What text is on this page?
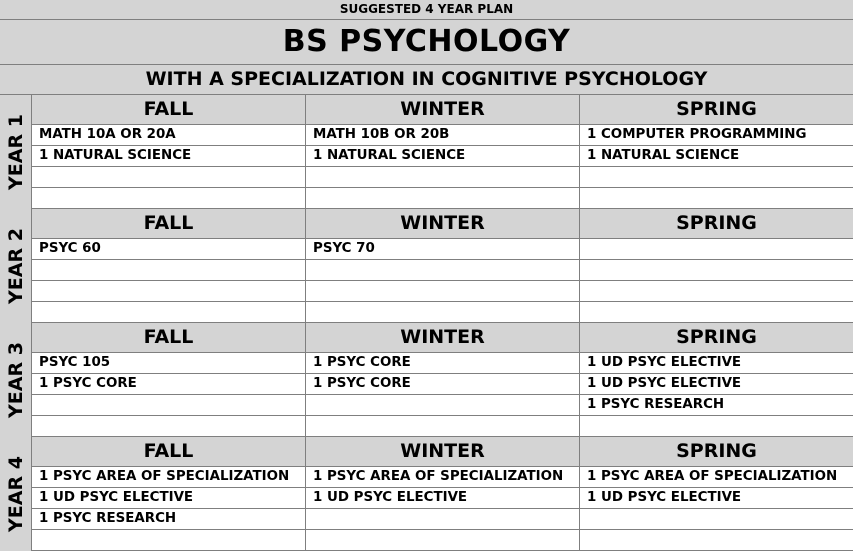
SUGGESTED 4 YEAR PLAN
BS PSYCHOLOGY
WITH A SPECIALIZATION IN COGNITIVE PSYCHOLOGY
YEAR 1
FALL
MATH 10A OR 20A
1 NATURAL SCIENCE
WINTER
MATH 10B OR 20B
1 NATURAL SCIENCE
SPRING
1 COMPUTER PROGRAMMING
1 NATURAL SCIENCE
YEAR 2
FALL
PSYC 60
WINTER
PSYC 70
SPRING
YEAR 3
FALL
PSYC 105
1 PSYC CORE
WINTER
1 PSYC CORE
1 PSYC CORE
SPRING
1 UD PSYC ELECTIVE
1 UD PSYC ELECTIVE
1 PSYC RESEARCH
YEAR 4
FALL
1 PSYC AREA OF SPECIALIZATION
1 UD PSYC ELECTIVE
1 PSYC RESEARCH
WINTER
1 PSYC AREA OF SPECIALIZATION
1 UD PSYC ELECTIVE
SPRING
1 PSYC AREA OF SPECIALIZATION
1 UD PSYC ELECTIVE
